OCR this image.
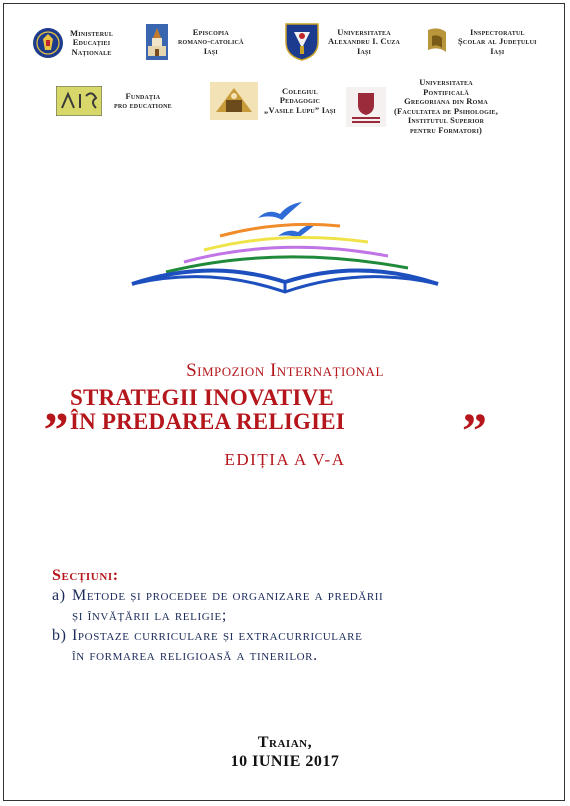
Ministerul
Educației
Naționale
Episcopia
romano-catolică
Iași
Universitatea
Alexandru I. Cuza
Iași
Inspectoratul
Școlar al Județului
Iași
Fundația
pro educatione
Colegiul
Pedagogic
„Vasile Lupu” Iași
Universitatea
Pontificală
Gregoriana din Roma
(Facultatea de Psihologie,
Institutul Superior
pentru Formatori)
Simpozion Internațional
„ STRATEGII INOVATIVE
ÎN PREDAREA RELIGIEI ”
EDIȚIA A V-A
Secțiuni:
a) Metode și procedee de organizare a predării
și învățării la religie;
b) Ipostaze curriculare și extracurriculare
în formarea religioasă a tinerilor.
Traian,
10 IUNIE 2017
